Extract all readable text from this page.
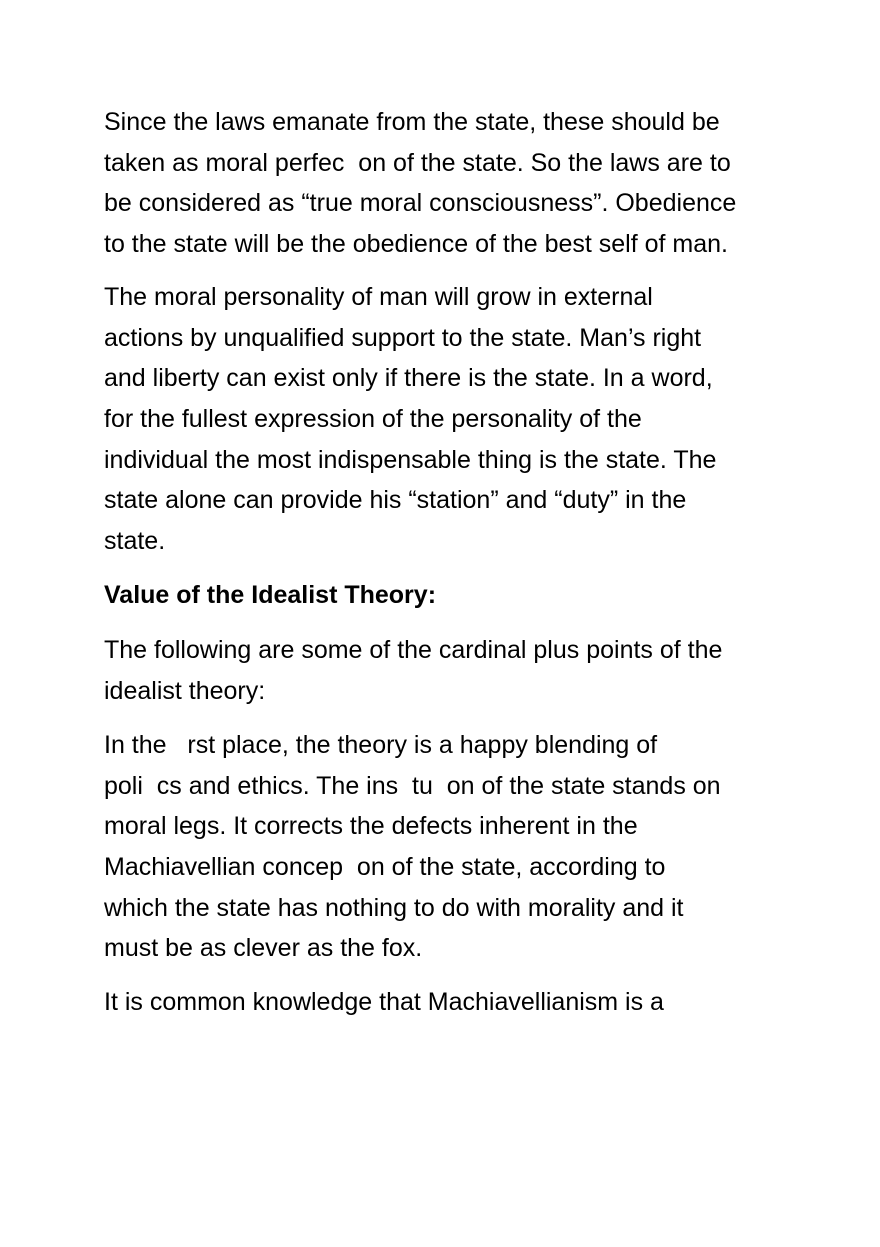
Since the laws emanate from the state, these should be
taken as moral perfec  on of the state. So the laws are to
be considered as “true moral consciousness”. Obedience
to the state will be the obedience of the best self of man.
The moral personality of man will grow in external
actions by unqualified support to the state. Man’s right
and liberty can exist only if there is the state. In a word,
for the fullest expression of the personality of the
individual the most indispensable thing is the state. The
state alone can provide his “station” and “duty” in the
state.
Value of the Idealist Theory:
The following are some of the cardinal plus points of the
idealist theory:
In the   rst place, the theory is a happy blending of
poli  cs and ethics. The ins  tu  on of the state stands on
moral legs. It corrects the defects inherent in the
Machiavellian concep  on of the state, according to
which the state has nothing to do with morality and it
must be as clever as the fox.
It is common knowledge that Machiavellianism is a
